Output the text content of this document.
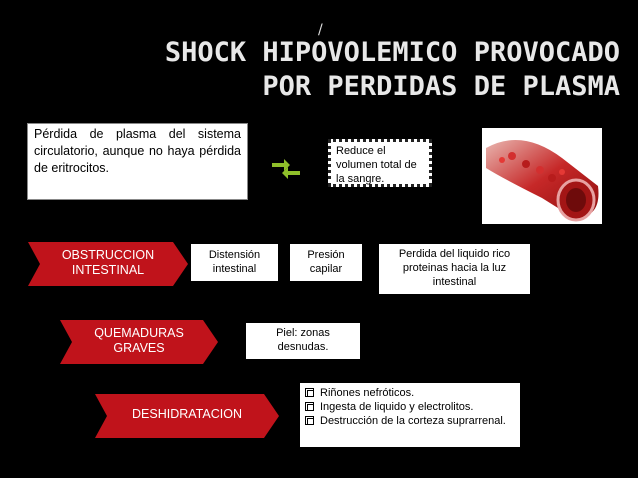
/
SHOCK HIPOVOLEMICO PROVOCADO
POR PERDIDAS DE PLASMA
Pérdida de plasma del sistema circulatorio, aunque no haya pérdida de eritrocitos.
Reduce el volumen total de la sangre.
OBSTRUCCION INTESTINAL
Distensión intestinal
Presión capilar
Perdida del liquido rico proteinas hacia la luz intestinal
QUEMADURAS GRAVES
Piel: zonas desnudas.
DESHIDRATACION
Riñones nefróticos.
Ingesta de liquido y electrolitos.
Destrucción de la corteza suprarrenal.
